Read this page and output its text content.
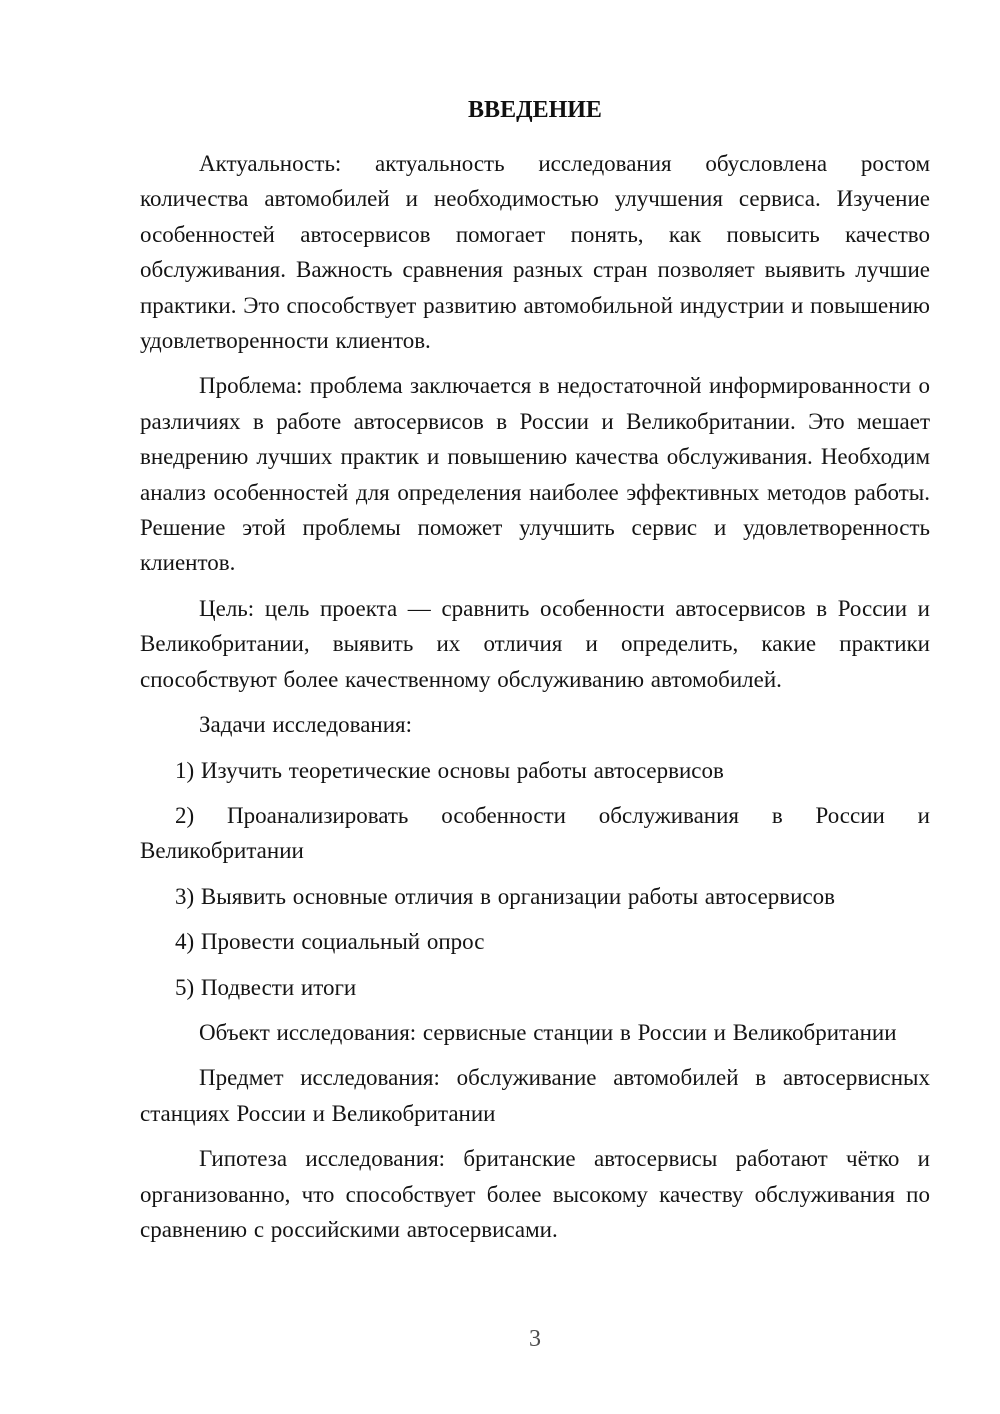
ВВЕДЕНИЕ

Актуальность: актуальность исследования обусловлена ростом количества автомобилей и необходимостью улучшения сервиса. Изучение особенностей автосервисов помогает понять, как повысить качество обслуживания. Важность сравнения разных стран позволяет выявить лучшие практики. Это способствует развитию автомобильной индустрии и повышению удовлетворенности клиентов.

Проблема: проблема заключается в недостаточной информированности о различиях в работе автосервисов в России и Великобритании. Это мешает внедрению лучших практик и повышению качества обслуживания. Необходим анализ особенностей для определения наиболее эффективных методов работы. Решение этой проблемы поможет улучшить сервис и удовлетворенность клиентов.

Цель: цель проекта — сравнить особенности автосервисов в России и Великобритании, выявить их отличия и определить, какие практики способствуют более качественному обслуживанию автомобилей.

Задачи исследования:

1) Изучить теоретические основы работы автосервисов

2) Проанализировать особенности обслуживания в России и Великобритании

3) Выявить основные отличия в организации работы автосервисов

4) Провести социальный опрос

5) Подвести итоги

Объект исследования: сервисные станции в России и Великобритании

Предмет исследования: обслуживание автомобилей в автосервисных станциях России и Великобритании

Гипотеза исследования: британские автосервисы работают чётко и организованно, что способствует более высокому качеству обслуживания по сравнению с российскими автосервисами.

3
